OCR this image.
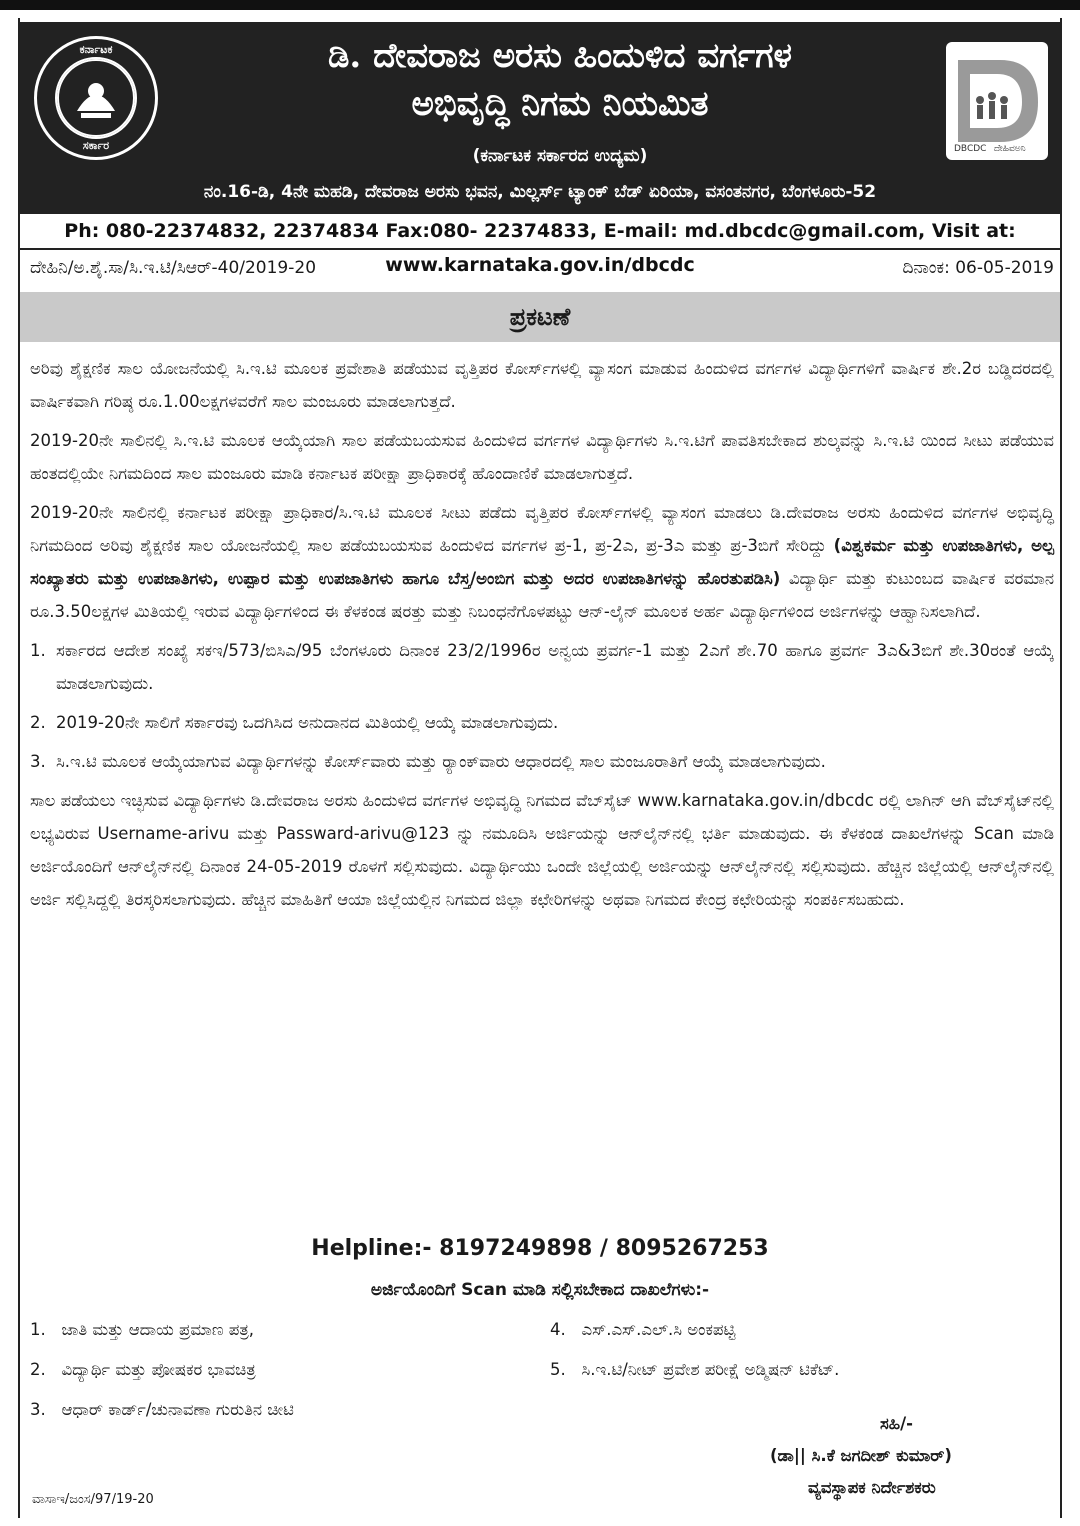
ಕರ್ನಾಟಕ
ಸರ್ಕಾರ
ಡಿ. ದೇವರಾಜ ಅರಸು ಹಿಂದುಳಿದ ವರ್ಗಗಳ
ಅಭಿವೃದ್ಧಿ ನಿಗಮ ನಿಯಮಿತ
DBCDC ದೇಹಿವಅನಿ
(ಕರ್ನಾಟಕ ಸರ್ಕಾರದ ಉದ್ಯಮ)
ನಂ.16-ಡಿ, 4ನೇ ಮಹಡಿ, ದೇವರಾಜ ಅರಸು ಭವನ, ಮಿಲ್ಲರ್ಸ್ ಟ್ಯಾಂಕ್ ಬೆಡ್ ಏರಿಯಾ, ವಸಂತನಗರ, ಬೆಂಗಳೂರು-52
Ph: 080-22374832, 22374834 Fax:080- 22374833, E-mail: md.dbcdc@gmail.com, Visit at: www.karnataka.gov.in/dbcdc
ದೇಹಿನಿ/ಅ.ಶೈ.ಸಾ/ಸಿ.ಇ.ಟಿ/ಸಿಆರ್-40/2019-20	ದಿನಾಂಕ: 06-05-2019
ಪ್ರಕಟಣೆ

ಅರಿವು ಶೈಕ್ಷಣಿಕ ಸಾಲ ಯೋಜನೆಯಲ್ಲಿ ಸಿ.ಇ.ಟಿ ಮೂಲಕ ಪ್ರವೇಶಾತಿ ಪಡೆಯುವ ವೃತ್ತಿಪರ ಕೋರ್ಸ್‌ಗಳಲ್ಲಿ ವ್ಯಾಸಂಗ ಮಾಡುವ ಹಿಂದುಳಿದ ವರ್ಗಗಳ ವಿದ್ಯಾರ್ಥಿಗಳಿಗೆ ವಾರ್ಷಿಕ ಶೇ.2ರ ಬಡ್ಡಿದರದಲ್ಲಿ ವಾರ್ಷಿಕವಾಗಿ ಗರಿಷ್ಠ ರೂ.1.00ಲಕ್ಷಗಳವರೆಗೆ ಸಾಲ ಮಂಜೂರು ಮಾಡಲಾಗುತ್ತದೆ.

2019-20ನೇ ಸಾಲಿನಲ್ಲಿ ಸಿ.ಇ.ಟಿ ಮೂಲಕ ಆಯ್ಕೆಯಾಗಿ ಸಾಲ ಪಡೆಯಬಯಸುವ ಹಿಂದುಳಿದ ವರ್ಗಗಳ ವಿದ್ಯಾರ್ಥಿಗಳು ಸಿ.ಇ.ಟಿಗೆ ಪಾವತಿಸಬೇಕಾದ ಶುಲ್ಕವನ್ನು ಸಿ.ಇ.ಟಿ ಯಿಂದ ಸೀಟು ಪಡೆಯುವ ಹಂತದಲ್ಲಿಯೇ ನಿಗಮದಿಂದ ಸಾಲ ಮಂಜೂರು ಮಾಡಿ ಕರ್ನಾಟಕ ಪರೀಕ್ಷಾ ಪ್ರಾಧಿಕಾರಕ್ಕೆ ಹೊಂದಾಣಿಕೆ ಮಾಡಲಾಗುತ್ತದೆ.

2019-20ನೇ ಸಾಲಿನಲ್ಲಿ ಕರ್ನಾಟಕ ಪರೀಕ್ಷಾ ಪ್ರಾಧಿಕಾರ/ಸಿ.ಇ.ಟಿ ಮೂಲಕ ಸೀಟು ಪಡೆದು ವೃತ್ತಿಪರ ಕೋರ್ಸ್‌ಗಳಲ್ಲಿ ವ್ಯಾಸಂಗ ಮಾಡಲು ಡಿ.ದೇವರಾಜ ಅರಸು ಹಿಂದುಳಿದ ವರ್ಗಗಳ ಅಭಿವೃದ್ಧಿ ನಿಗಮದಿಂದ ಅರಿವು ಶೈಕ್ಷಣಿಕ ಸಾಲ ಯೋಜನೆಯಲ್ಲಿ ಸಾಲ ಪಡೆಯಬಯಸುವ ಹಿಂದುಳಿದ ವರ್ಗಗಳ ಪ್ರ-1, ಪ್ರ-2ಎ, ಪ್ರ-3ಎ ಮತ್ತು ಪ್ರ-3ಬಿಗೆ ಸೇರಿದ್ದು (ವಿಶ್ವಕರ್ಮ ಮತ್ತು ಉಪಜಾತಿಗಳು, ಅಲ್ಪ ಸಂಖ್ಯಾತರು ಮತ್ತು ಉಪಜಾತಿಗಳು, ಉಪ್ಪಾರ ಮತ್ತು ಉಪಜಾತಿಗಳು ಹಾಗೂ ಬೆಸ್ತ/ಅಂಬಿಗ ಮತ್ತು ಅದರ ಉಪಜಾತಿಗಳನ್ನು ಹೊರತುಪಡಿಸಿ) ವಿದ್ಯಾರ್ಥಿ ಮತ್ತು ಕುಟುಂಬದ ವಾರ್ಷಿಕ ವರಮಾನ ರೂ.3.50ಲಕ್ಷಗಳ ಮಿತಿಯಲ್ಲಿ ಇರುವ ವಿದ್ಯಾರ್ಥಿಗಳಿಂದ ಈ ಕೆಳಕಂಡ ಷರತ್ತು ಮತ್ತು ನಿಬಂಧನೆಗೊಳಪಟ್ಟು ಆನ್-ಲೈನ್ ಮೂಲಕ ಅರ್ಹ ವಿದ್ಯಾರ್ಥಿಗಳಿಂದ ಅರ್ಜಿಗಳನ್ನು ಆಹ್ವಾನಿಸಲಾಗಿದೆ.

1. ಸರ್ಕಾರದ ಆದೇಶ ಸಂಖ್ಯೆ ಸಕಇ/573/ಬಿಸಿಎ/95 ಬೆಂಗಳೂರು ದಿನಾಂಕ 23/2/1996ರ ಅನ್ವಯ ಪ್ರವರ್ಗ-1 ಮತ್ತು 2ಎಗೆ ಶೇ.70 ಹಾಗೂ ಪ್ರವರ್ಗ 3ಎ&3ಬಿಗೆ ಶೇ.30ರಂತೆ ಆಯ್ಕೆ ಮಾಡಲಾಗುವುದು.
2. 2019-20ನೇ ಸಾಲಿಗೆ ಸರ್ಕಾರವು ಒದಗಿಸಿದ ಅನುದಾನದ ಮಿತಿಯಲ್ಲಿ ಆಯ್ಕೆ ಮಾಡಲಾಗುವುದು.
3. ಸಿ.ಇ.ಟಿ ಮೂಲಕ ಆಯ್ಕೆಯಾಗುವ ವಿದ್ಯಾರ್ಥಿಗಳನ್ನು ಕೋರ್ಸ್‌ವಾರು ಮತ್ತು ರ್‍ಯಾಂಕ್‌ವಾರು ಆಧಾರದಲ್ಲಿ ಸಾಲ ಮಂಜೂರಾತಿಗೆ ಆಯ್ಕೆ ಮಾಡಲಾಗುವುದು.

ಸಾಲ ಪಡೆಯಲು ಇಚ್ಛಿಸುವ ವಿದ್ಯಾರ್ಥಿಗಳು ಡಿ.ದೇವರಾಜ ಅರಸು ಹಿಂದುಳಿದ ವರ್ಗಗಳ ಅಭಿವೃದ್ಧಿ ನಿಗಮದ ವೆಬ್‌ಸೈಟ್ www.karnataka.gov.in/dbcdc ರಲ್ಲಿ ಲಾಗಿನ್ ಆಗಿ ವೆಬ್‌ಸೈಟ್‌ನಲ್ಲಿ ಲಭ್ಯವಿರುವ Username-arivu ಮತ್ತು Passward-arivu@123 ನ್ನು ನಮೂದಿಸಿ ಅರ್ಜಿಯನ್ನು ಆನ್‌ಲೈನ್‌ನಲ್ಲಿ ಭರ್ತಿ ಮಾಡುವುದು. ಈ ಕೆಳಕಂಡ ದಾಖಲೆಗಳನ್ನು Scan ಮಾಡಿ ಅರ್ಜಿಯೊಂದಿಗೆ ಆನ್‌ಲೈನ್‌ನಲ್ಲಿ ದಿನಾಂಕ 24-05-2019 ರೊಳಗೆ ಸಲ್ಲಿಸುವುದು. ವಿದ್ಯಾರ್ಥಿಯು ಒಂದೇ ಜಿಲ್ಲೆಯಲ್ಲಿ ಅರ್ಜಿಯನ್ನು ಆನ್‌ಲೈನ್‌ನಲ್ಲಿ ಸಲ್ಲಿಸುವುದು. ಹೆಚ್ಚಿನ ಜಿಲ್ಲೆಯಲ್ಲಿ ಆನ್‌ಲೈನ್‌ನಲ್ಲಿ ಅರ್ಜಿ ಸಲ್ಲಿಸಿದ್ದಲ್ಲಿ ತಿರಸ್ಕರಿಸಲಾಗುವುದು. ಹೆಚ್ಚಿನ ಮಾಹಿತಿಗೆ ಆಯಾ ಜಿಲ್ಲೆಯಲ್ಲಿನ ನಿಗಮದ ಜಿಲ್ಲಾ ಕಛೇರಿಗಳನ್ನು ಅಥವಾ ನಿಗಮದ ಕೇಂದ್ರ ಕಛೇರಿಯನ್ನು ಸಂಪರ್ಕಿಸಬಹುದು.

Helpline:- 8197249898 / 8095267253
ಅರ್ಜಿಯೊಂದಿಗೆ Scan ಮಾಡಿ ಸಲ್ಲಿಸಬೇಕಾದ ದಾಖಲೆಗಳು:-
1. ಜಾತಿ ಮತ್ತು ಆದಾಯ ಪ್ರಮಾಣ ಪತ್ರ,
2. ವಿದ್ಯಾರ್ಥಿ ಮತ್ತು ಪೋಷಕರ ಭಾವಚಿತ್ರ
3. ಆಧಾರ್ ಕಾರ್ಡ್/ಚುನಾವಣಾ ಗುರುತಿನ ಚೀಟಿ
4. ಎಸ್.ಎಸ್.ಎಲ್.ಸಿ ಅಂಕಪಟ್ಟಿ
5. ಸಿ.ಇ.ಟಿ/ನೀಟ್ ಪ್ರವೇಶ ಪರೀಕ್ಷೆ ಅಡ್ಮಿಷನ್ ಟಿಕೆಟ್.
ಸಹಿ/-
(ಡಾ|| ಸಿ.ಕೆ ಜಗದೀಶ್ ಕುಮಾರ್)
ವ್ಯವಸ್ಥಾಪಕ ನಿರ್ದೇಶಕರು
ವಾಸಾಇ/ಜಂಸ/97/19-20
